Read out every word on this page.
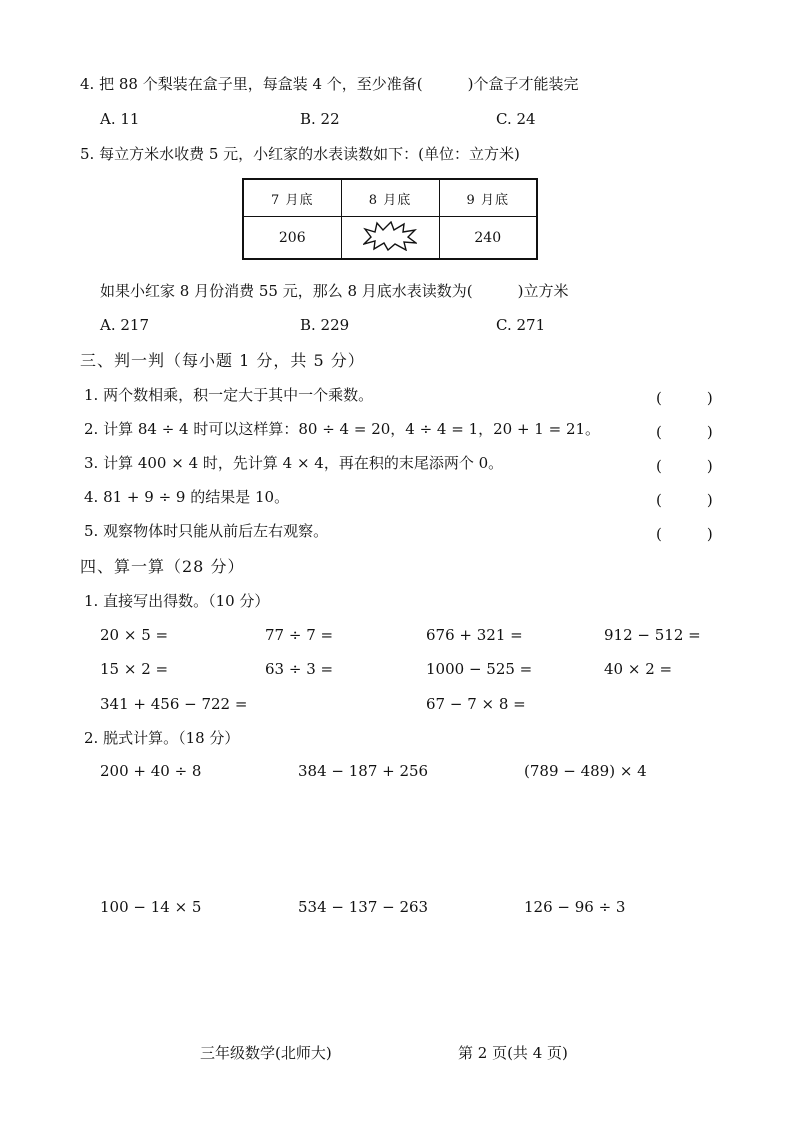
4. 把 88 个梨装在盒子里，每盒装 4 个，至少准备(　　　)个盒子才能装完
A. 11	B. 22	C. 24
5. 每立方米水收费 5 元，小红家的水表读数如下：(单位：立方米)
7 月底	8 月底	9 月底
206		240
如果小红家 8 月份消费 55 元，那么 8 月底水表读数为(　　　)立方米
A. 217	B. 229	C. 271
三、判一判（每小题 1 分，共 5 分）
1. 两个数相乘，积一定大于其中一个乘数。	(　　　)
2. 计算 84 ÷ 4 时可以这样算：80 ÷ 4 = 20，4 ÷ 4 = 1，20 + 1 = 21。	(　　　)
3. 计算 400 × 4 时，先计算 4 × 4，再在积的末尾添两个 0。	(　　　)
4. 81 + 9 ÷ 9 的结果是 10。	(　　　)
5. 观察物体时只能从前后左右观察。	(　　　)
四、算一算（28 分）
1. 直接写出得数。（10 分）
20 × 5 =	77 ÷ 7 =	676 + 321 =	912 − 512 =
15 × 2 =	63 ÷ 3 =	1000 − 525 =	40 × 2 =
341 + 456 − 722 =	67 − 7 × 8 =
2. 脱式计算。（18 分）
200 + 40 ÷ 8	384 − 187 + 256	(789 − 489) × 4
100 − 14 × 5	534 − 137 − 263	126 − 96 ÷ 3
三年级数学(北师大)	第 2 页(共 4 页)
